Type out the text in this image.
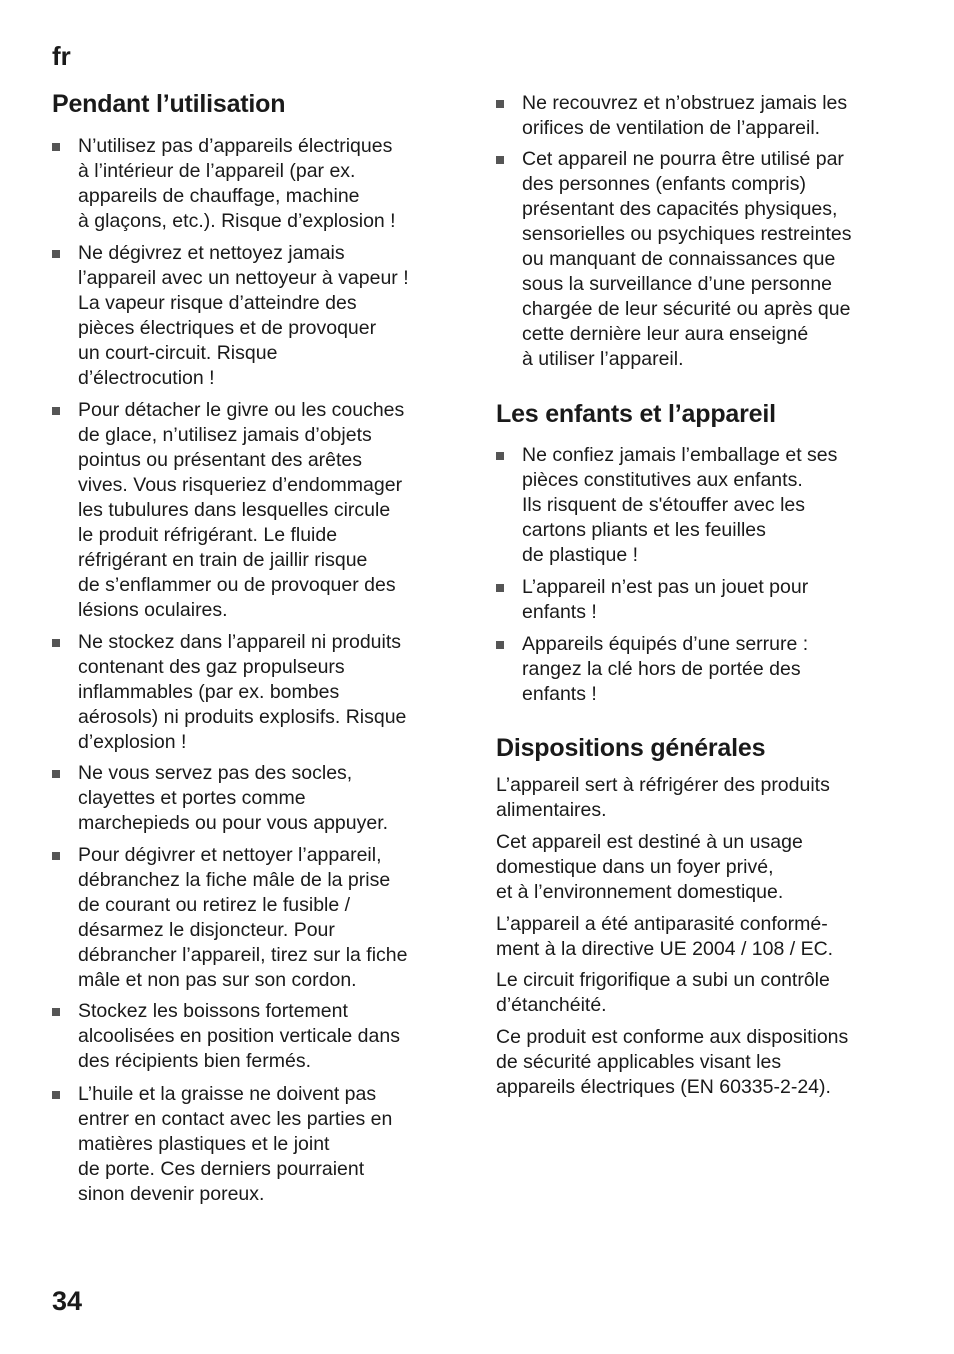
fr
Pendant l’utilisation

N’utilisez pas d’appareils électriques
à l’intérieur de l’appareil (par ex.
appareils de chauffage, machine
à glaçons, etc.). Risque d’explosion !

Ne dégivrez et nettoyez jamais
l’appareil avec un nettoyeur à vapeur !
La vapeur risque d’atteindre des
pièces électriques et de provoquer
un court-circuit. Risque
d’électrocution !

Pour détacher le givre ou les couches
de glace, n’utilisez jamais d’objets
pointus ou présentant des arêtes
vives. Vous risqueriez d’endommager
les tubulures dans lesquelles circule
le produit réfrigérant. Le fluide
réfrigérant en train de jaillir risque
de s’enflammer ou de provoquer des
lésions oculaires.

Ne stockez dans l’appareil ni produits
contenant des gaz propulseurs
inflammables (par ex. bombes
aérosols) ni produits explosifs. Risque
d’explosion !

Ne vous servez pas des socles,
clayettes et portes comme
marchepieds ou pour vous appuyer.

Pour dégivrer et nettoyer l’appareil,
débranchez la fiche mâle de la prise
de courant ou retirez le fusible /
désarmez le disjoncteur. Pour
débrancher l’appareil, tirez sur la fiche
mâle et non pas sur son cordon.

Stockez les boissons fortement
alcoolisées en position verticale dans
des récipients bien fermés.

L’huile et la graisse ne doivent pas
entrer en contact avec les parties en
matières plastiques et le joint
de porte. Ces derniers pourraient
sinon devenir poreux.

Ne recouvrez et n’obstruez jamais les
orifices de ventilation de l’appareil.

Cet appareil ne pourra être utilisé par
des personnes (enfants compris)
présentant des capacités physiques,
sensorielles ou psychiques restreintes
ou manquant de connaissances que
sous la surveillance d’une personne
chargée de leur sécurité ou après que
cette dernière leur aura enseigné
à utiliser l’appareil.

Les enfants et l’appareil

Ne confiez jamais l’emballage et ses
pièces constitutives aux enfants.
Ils risquent de s'étouffer avec les
cartons pliants et les feuilles
de plastique !

L’appareil n’est pas un jouet pour
enfants !

Appareils équipés d’une serrure :
rangez la clé hors de portée des
enfants !

Dispositions générales

L’appareil sert à réfrigérer des produits
alimentaires.

Cet appareil est destiné à un usage
domestique dans un foyer privé,
et à l’environnement domestique.

L’appareil a été antiparasité conformé-
ment à la directive UE 2004 / 108 / EC.

Le circuit frigorifique a subi un contrôle
d’étanchéité.

Ce produit est conforme aux dispositions
de sécurité applicables visant les
appareils électriques (EN 60335-2-24).

34
